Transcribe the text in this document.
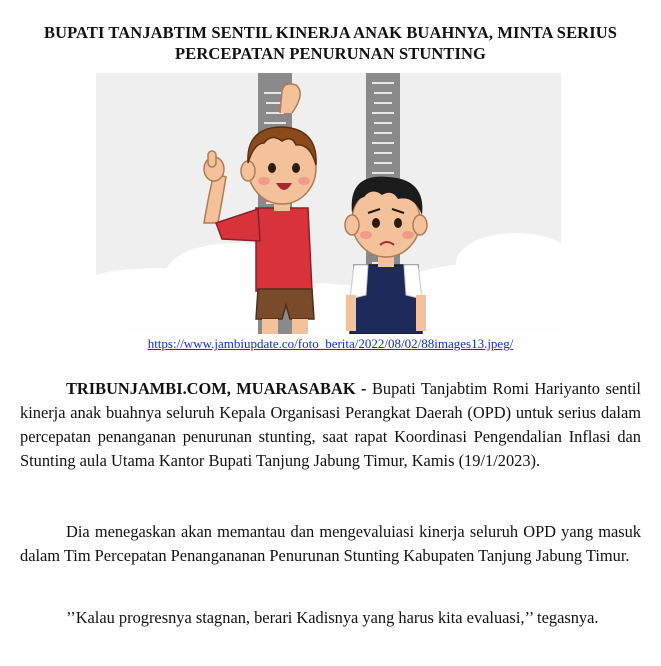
BUPATI TANJABTIM SENTIL KINERJA ANAK BUAHNYA, MINTA SERIUS
PERCEPATAN PENURUNAN STUNTING
https://www.jambiupdate.co/foto_berita/2022/08/02/88images13.jpeg/

TRIBUNJAMBI.COM, MUARASABAK - Bupati Tanjabtim Romi Hariyanto sentil kinerja anak buahnya seluruh Kepala Organisasi Perangkat Daerah (OPD) untuk serius dalam percepatan penanganan penurunan stunting, saat rapat Koordinasi Pengendalian Inflasi dan Stunting aula Utama Kantor Bupati Tanjung Jabung Timur, Kamis (19/1/2023).

Dia menegaskan akan memantau dan mengevaluiasi kinerja seluruh OPD yang masuk dalam Tim Percepatan Penangananan Penurunan Stunting Kabupaten Tanjung Jabung Timur.

’’Kalau progresnya stagnan, berari Kadisnya yang harus kita evaluasi,’’ tegasnya.
